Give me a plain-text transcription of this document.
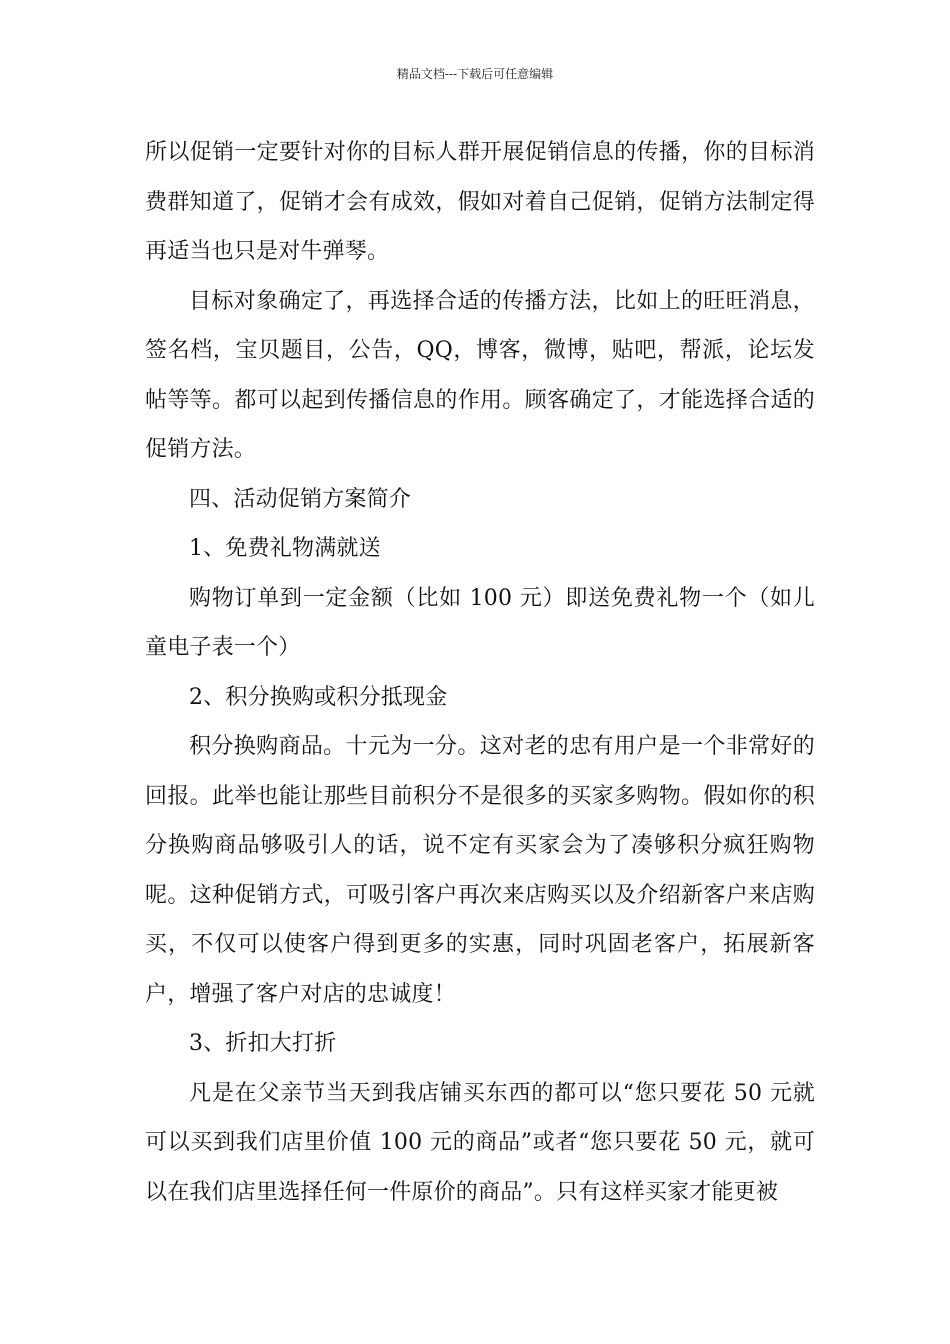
精品文档---下载后可任意编辑

所以促销一定要针对你的目标人群开展促销信息的传播，你的目标消费群知道了，促销才会有成效，假如对着自己促销，促销方法制定得再适当也只是对牛弹琴。

目标对象确定了，再选择合适的传播方法，比如上的旺旺消息，签名档，宝贝题目，公告，QQ，博客，微博，贴吧，帮派，论坛发帖等等。都可以起到传播信息的作用。顾客确定了，才能选择合适的促销方法。

四、活动促销方案简介

1、免费礼物满就送

购物订单到一定金额（比如 100 元）即送免费礼物一个（如儿童电子表一个）

2、积分换购或积分抵现金

积分换购商品。十元为一分。这对老的忠有用户是一个非常好的回报。此举也能让那些目前积分不是很多的买家多购物。假如你的积分换购商品够吸引人的话，说不定有买家会为了凑够积分疯狂购物呢。这种促销方式，可吸引客户再次来店购买以及介绍新客户来店购买，不仅可以使客户得到更多的实惠，同时巩固老客户，拓展新客户，增强了客户对店的忠诚度！

3、折扣大打折

凡是在父亲节当天到我店铺买东西的都可以“您只要花 50 元就可以买到我们店里价值 100 元的商品”或者“您只要花 50 元，就可以在我们店里选择任何一件原价的商品”。只有这样买家才能更被
